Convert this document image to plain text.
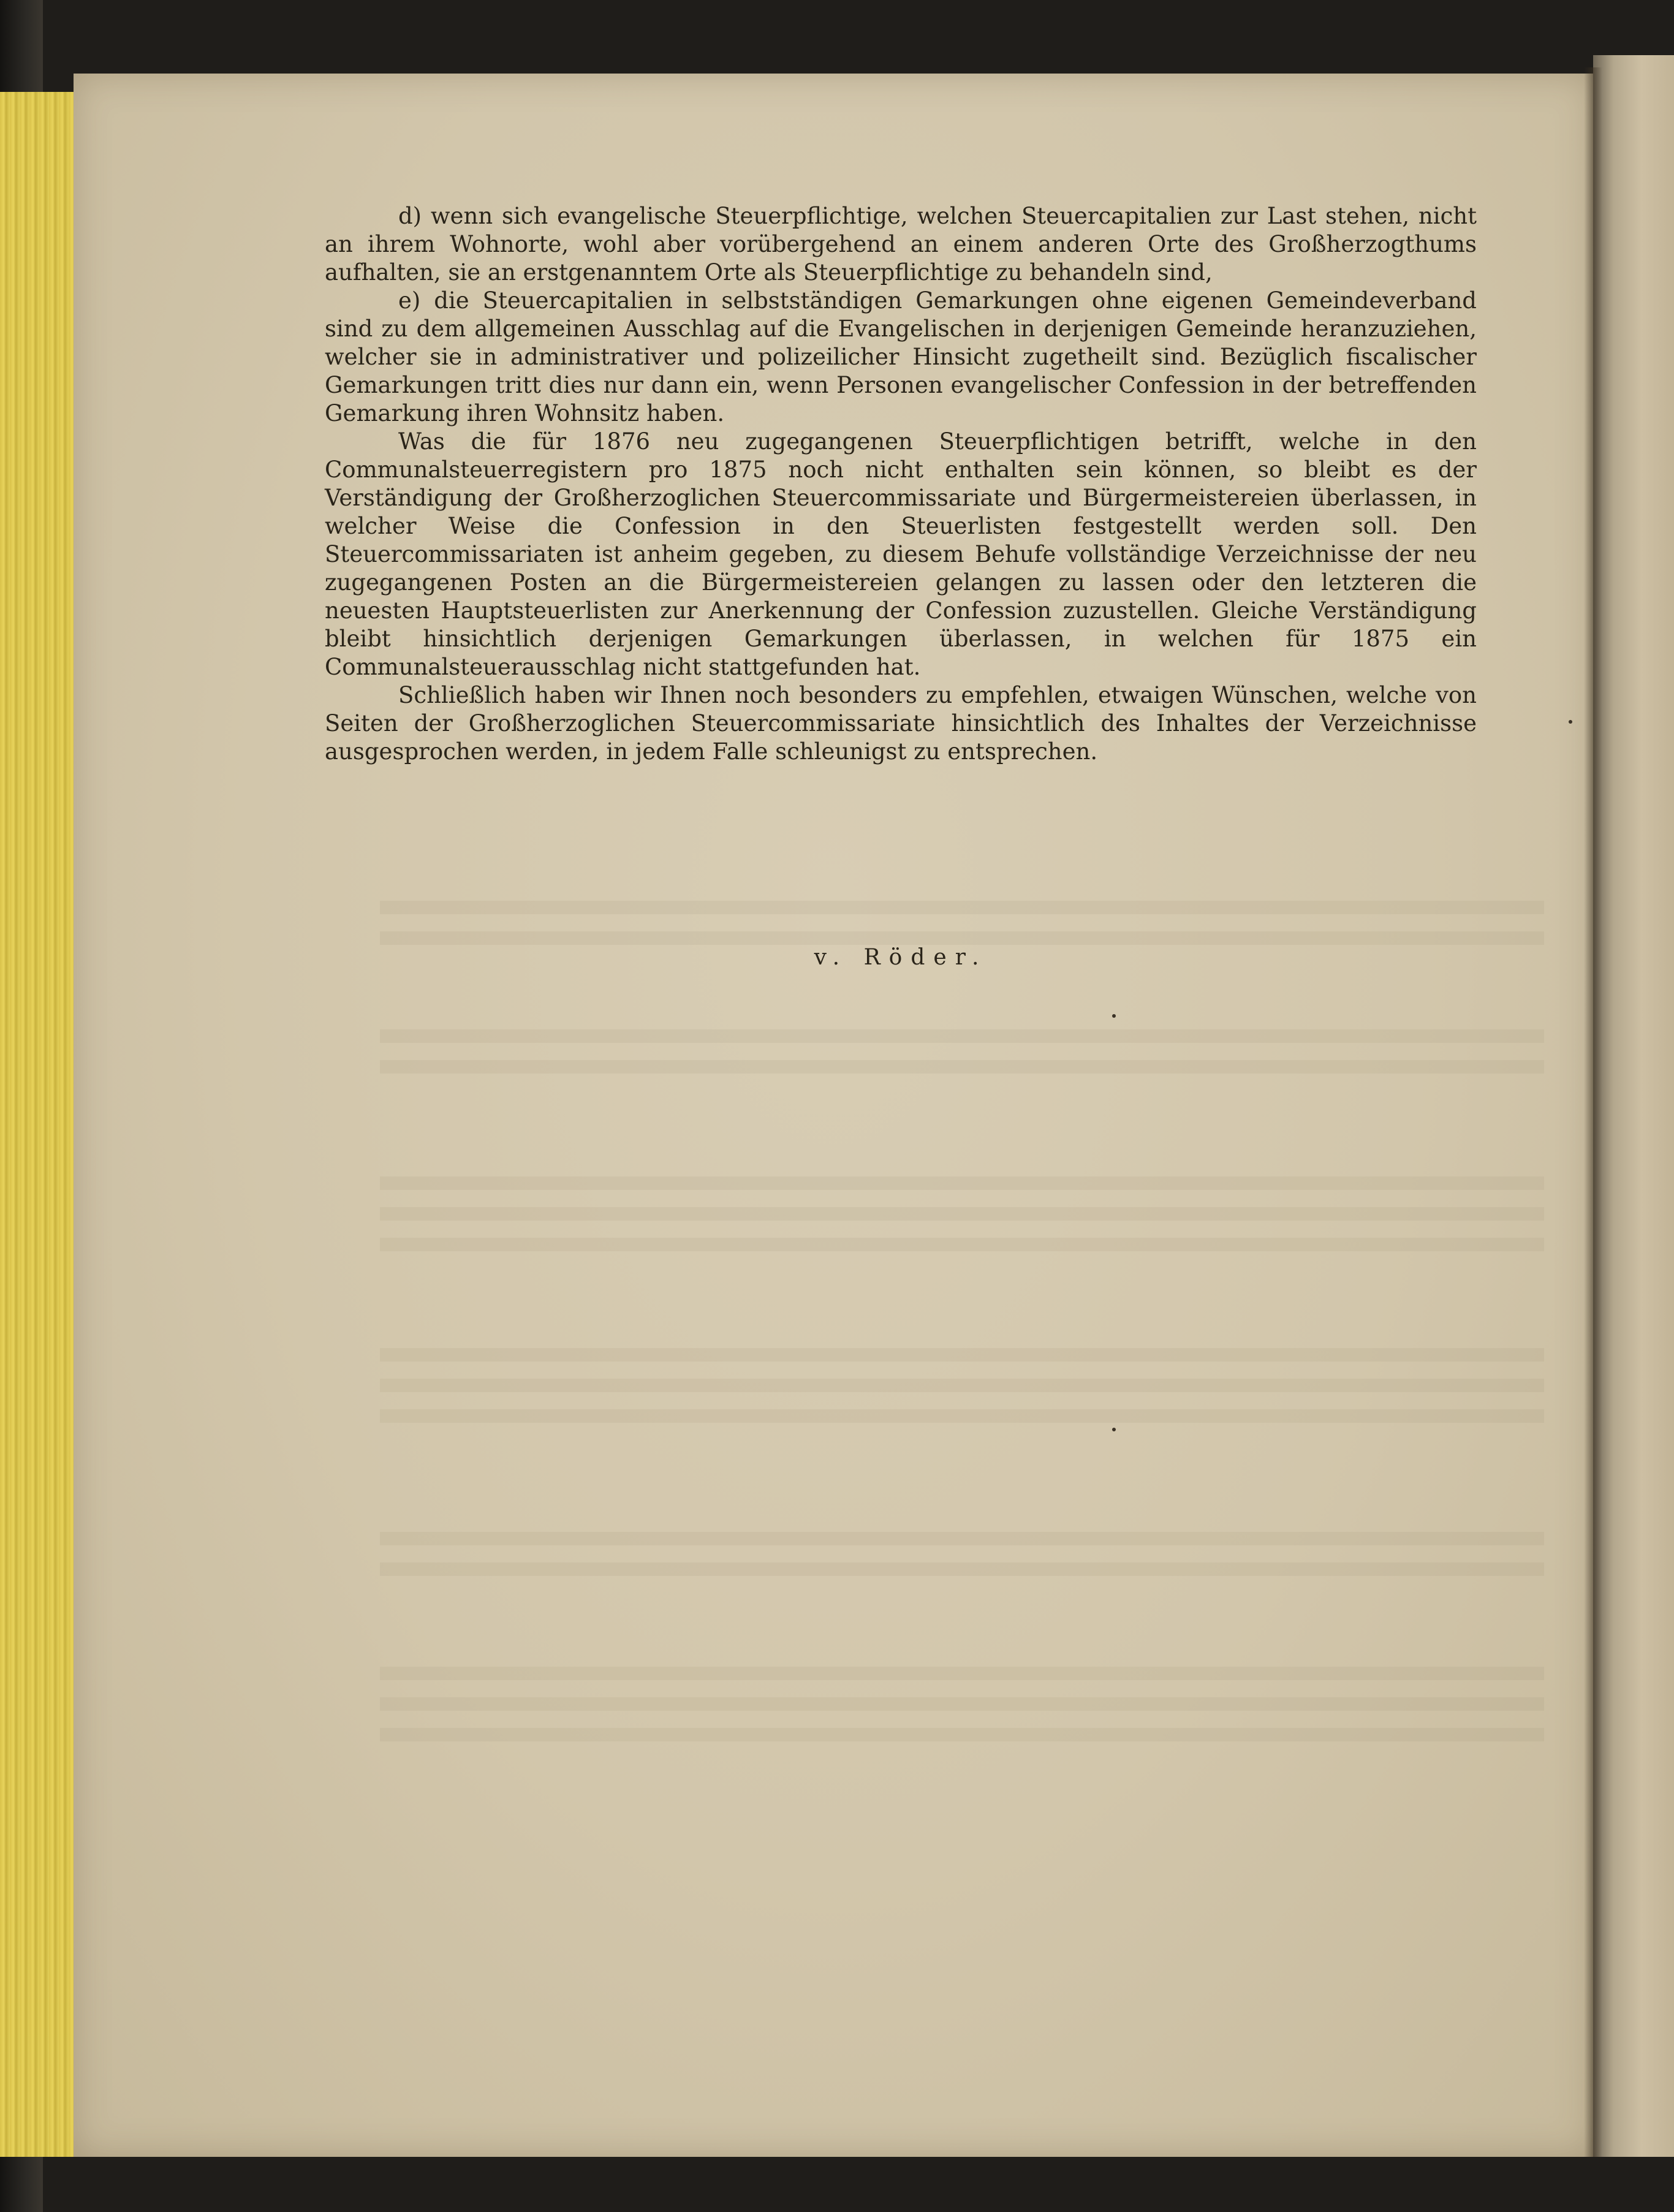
d) wenn sich evangelische Steuerpflichtige, welchen Steuercapitalien zur Last stehen, nicht an ihrem Wohnorte, wohl aber vorübergehend an einem anderen Orte des Großherzogthums aufhalten, sie an erstgenanntem Orte als Steuerpflichtige zu behandeln sind,

e) die Steuercapitalien in selbstständigen Gemarkungen ohne eigenen Gemeindeverband sind zu dem allgemeinen Ausschlag auf die Evangelischen in derjenigen Gemeinde heranzuziehen, welcher sie in administrativer und polizeilicher Hinsicht zugetheilt sind. Bezüglich fiscalischer Gemarkungen tritt dies nur dann ein, wenn Personen evangelischer Confession in der betreffenden Gemarkung ihren Wohnsitz haben.

Was die für 1876 neu zugegangenen Steuerpflichtigen betrifft, welche in den Communalsteuerregistern pro 1875 noch nicht enthalten sein können, so bleibt es der Verständigung der Großherzoglichen Steuercommissariate und Bürgermeistereien überlassen, in welcher Weise die Confession in den Steuerlisten festgestellt werden soll. Den Steuercommissariaten ist anheim gegeben, zu diesem Behufe vollständige Verzeichnisse der neu zugegangenen Posten an die Bürgermeistereien gelangen zu lassen oder den letzteren die neuesten Hauptsteuerlisten zur Anerkennung der Confession zuzustellen. Gleiche Verständigung bleibt hinsichtlich derjenigen Gemarkungen überlassen, in welchen für 1875 ein Communalsteuerausschlag nicht stattgefunden hat.

Schließlich haben wir Ihnen noch besonders zu empfehlen, etwaigen Wünschen, welche von Seiten der Großherzoglichen Steuercommissariate hinsichtlich des Inhaltes der Verzeichnisse ausgesprochen werden, in jedem Falle schleunigst zu entsprechen.

v. Röder.
